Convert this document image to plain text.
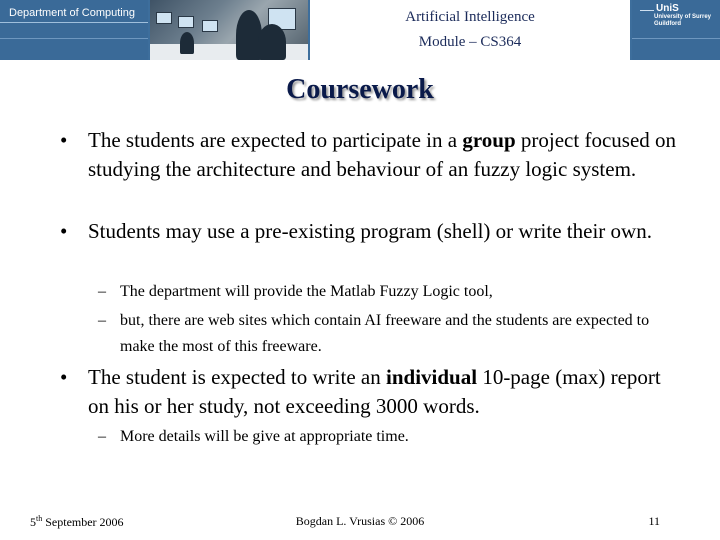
Department of Computing	Artificial Intelligence
Module – CS364
UniS
University of Surrey
Guildford
Coursework
• The students are expected to participate in a group project focused on studying the architecture and behaviour of an fuzzy logic system.
• Students may use a pre-existing program (shell) or write their own.
– The department will provide the Matlab Fuzzy Logic tool,
– but, there are web sites which contain AI freeware and the students are expected to make the most of this freeware.
• The student is expected to write an individual 10-page (max) report on his or her study, not exceeding 3000 words.
– More details will be give at appropriate time.
5th September 2006	Bogdan L. Vrusias © 2006	11
